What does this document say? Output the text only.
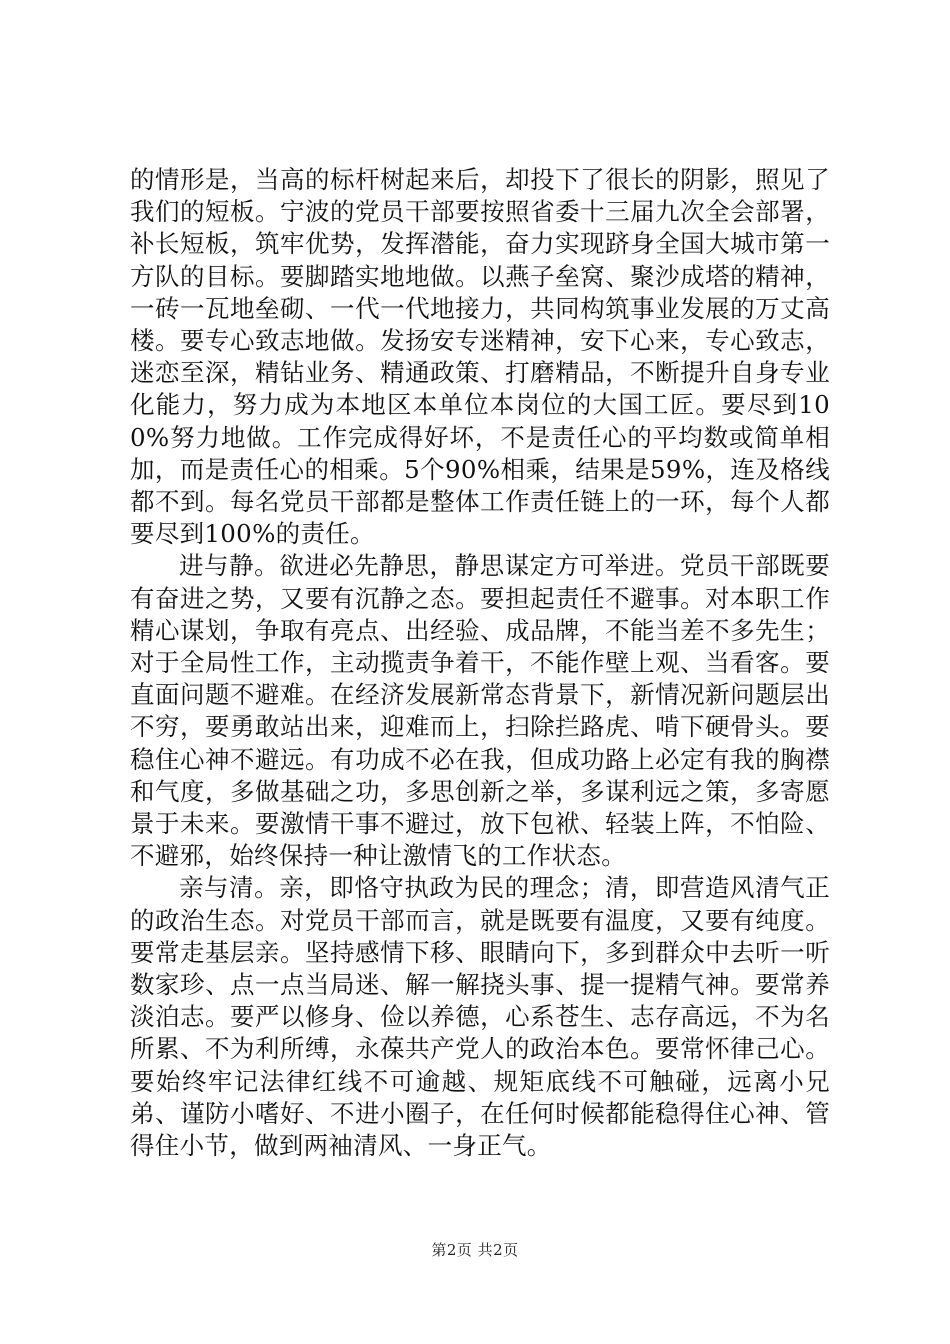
的情形是，当高的标杆树起来后，却投下了很长的阴影，照见了我们的短板。宁波的党员干部要按照省委十三届九次全会部署，补长短板，筑牢优势，发挥潜能，奋力实现跻身全国大城市第一方队的目标。要脚踏实地地做。以燕子垒窝、聚沙成塔的精神，一砖一瓦地垒砌、一代一代地接力，共同构筑事业发展的万丈高楼。要专心致志地做。发扬安专迷精神，安下心来，专心致志，迷恋至深，精钻业务、精通政策、打磨精品，不断提升自身专业化能力，努力成为本地区本单位本岗位的大国工匠。要尽到100%努力地做。工作完成得好坏，不是责任心的平均数或简单相加，而是责任心的相乘。5个90%相乘，结果是59%，连及格线都不到。每名党员干部都是整体工作责任链上的一环，每个人都要尽到100%的责任。

进与静。欲进必先静思，静思谋定方可举进。党员干部既要有奋进之势，又要有沉静之态。要担起责任不避事。对本职工作精心谋划，争取有亮点、出经验、成品牌，不能当差不多先生；对于全局性工作，主动揽责争着干，不能作壁上观、当看客。要直面问题不避难。在经济发展新常态背景下，新情况新问题层出不穷，要勇敢站出来，迎难而上，扫除拦路虎、啃下硬骨头。要稳住心神不避远。有功成不必在我，但成功路上必定有我的胸襟和气度，多做基础之功，多思创新之举，多谋利远之策，多寄愿景于未来。要激情干事不避过，放下包袱、轻装上阵，不怕险、不避邪，始终保持一种让激情飞的工作状态。

亲与清。亲，即恪守执政为民的理念；清，即营造风清气正的政治生态。对党员干部而言，就是既要有温度，又要有纯度。要常走基层亲。坚持感情下移、眼睛向下，多到群众中去听一听数家珍、点一点当局迷、解一解挠头事、提一提精气神。要常养淡泊志。要严以修身、俭以养德，心系苍生、志存高远，不为名所累、不为利所缚，永葆共产党人的政治本色。要常怀律己心。要始终牢记法律红线不可逾越、规矩底线不可触碰，远离小兄弟、谨防小嗜好、不进小圈子，在任何时候都能稳得住心神、管得住小节，做到两袖清风、一身正气。

第2页 共2页
